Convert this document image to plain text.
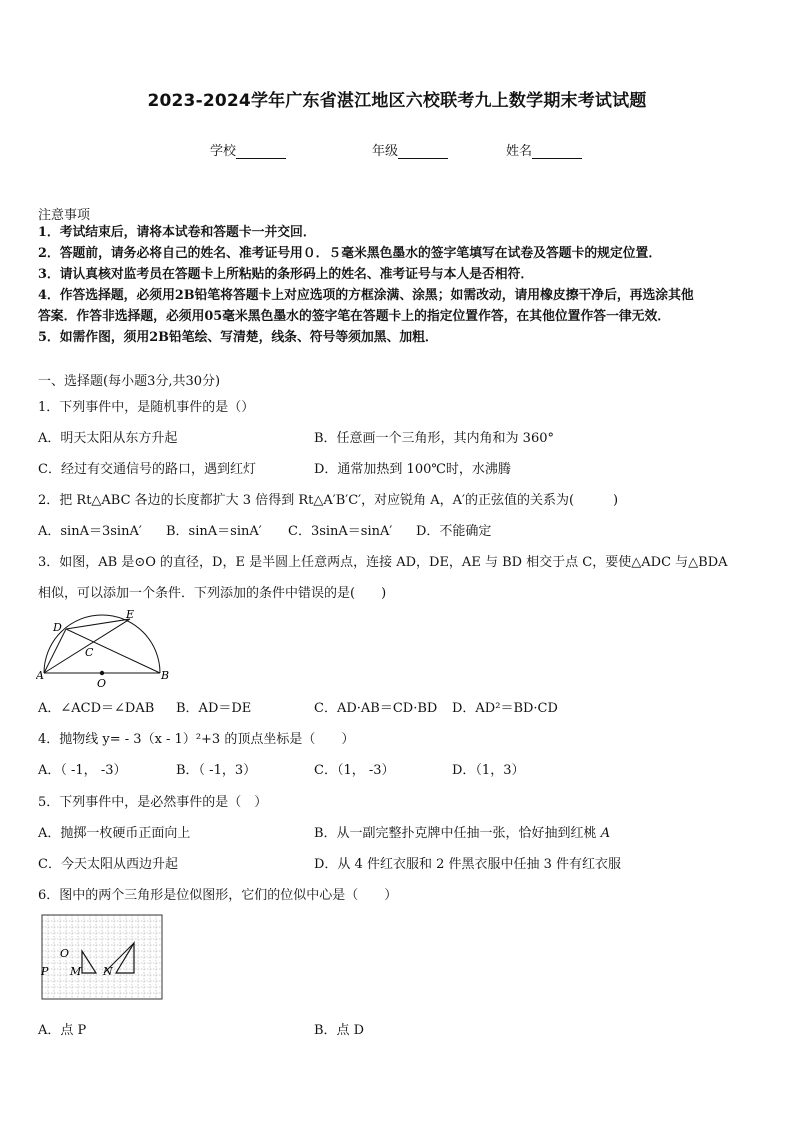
2023-2024学年广东省湛江地区六校联考九上数学期末考试试题
学校	年级	姓名
注意事项
1．考试结束后，请将本试卷和答题卡一并交回．
2．答题前，请务必将自己的姓名、准考证号用０．５毫米黑色墨水的签字笔填写在试卷及答题卡的规定位置．
3．请认真核对监考员在答题卡上所粘贴的条形码上的姓名、准考证号与本人是否相符．
4．作答选择题，必须用2B铅笔将答题卡上对应选项的方框涂满、涂黑；如需改动，请用橡皮擦干净后，再选涂其他
答案．作答非选择题，必须用05毫米黑色墨水的签字笔在答题卡上的指定位置作答，在其他位置作答一律无效．
5．如需作图，须用2B铅笔绘、写清楚，线条、符号等须加黑、加粗．
一、选择题(每小题3分,共30分)
1．下列事件中，是随机事件的是（）
A．明天太阳从东方升起	B．任意画一个三角形，其内角和为 360°
C．经过有交通信号的路口，遇到红灯	D．通常加热到 100℃时，水沸腾
2．把 Rt△ABC 各边的长度都扩大 3 倍得到 Rt△A′B′C′，对应锐角 A，A′的正弦值的关系为(　　　)
A．sinA＝3sinA′ B．sinA＝sinA′ C．3sinA＝sinA′ D．不能确定
3．如图，AB 是⊙O 的直径，D，E 是半圆上任意两点，连接 AD，DE，AE 与 BD 相交于点 C，要使△ADC 与△BDA
相似，可以添加一个条件．下列添加的条件中错误的是(　　)
D
E
C
A	B
O
A．∠ACD＝∠DAB B．AD＝DE	C．AD·AB＝CD·BD D．AD²＝BD·CD
4．抛物线 y= - 3（x - 1）²+3 的顶点坐标是（　　）
A．（ -1， -3）	B．（ -1，3）	C．（1， -3）	D．（1，3）
5．下列事件中，是必然事件的是（　）
A．抛掷一枚硬币正面向上	B．从一副完整扑克牌中任抽一张，恰好抽到红桃 A
C．今天太阳从西边升起	D．从 4 件红衣服和 2 件黑衣服中任抽 3 件有红衣服
6．图中的两个三角形是位似图形，它们的位似中心是（　　）
O
P M N
A．点 P	B．点 D
